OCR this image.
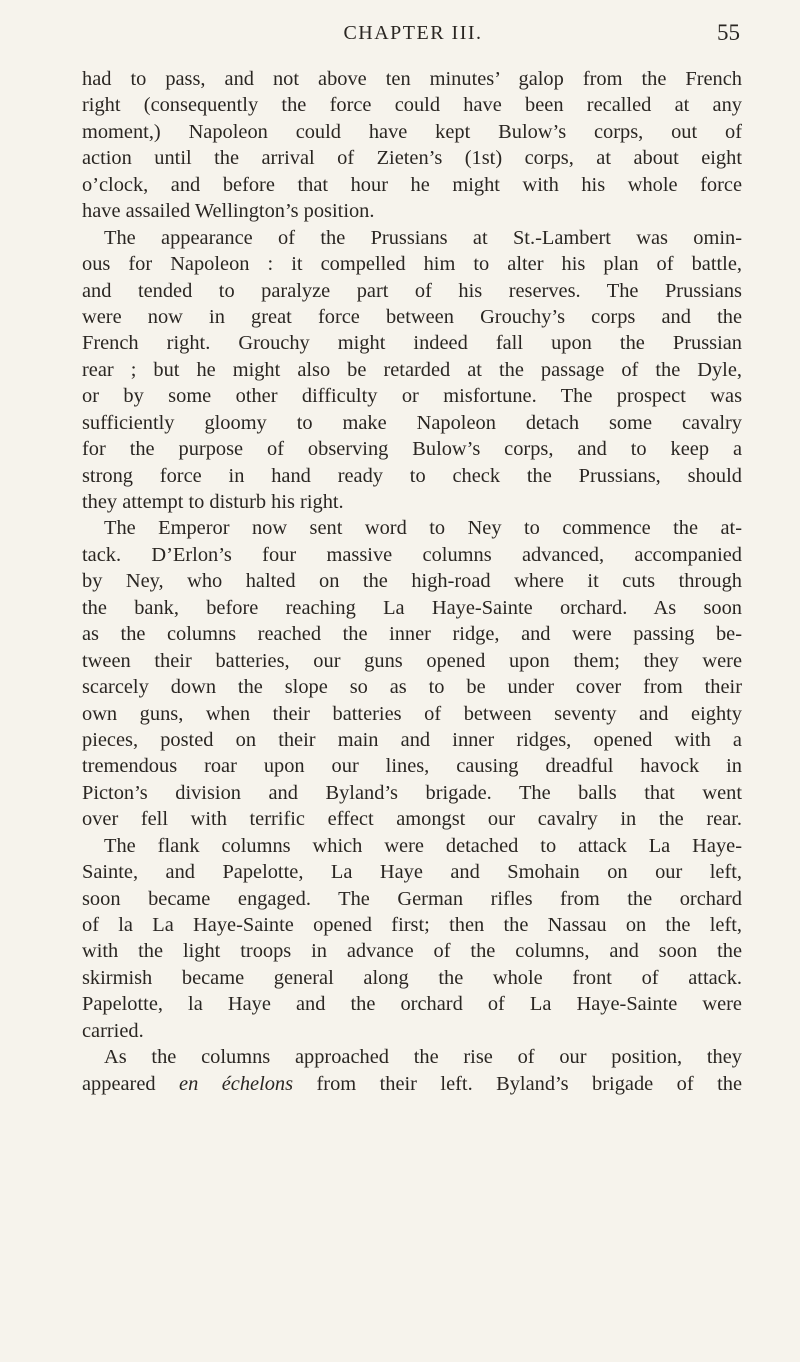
CHAPTER III.	55
had to pass, and not above ten minutes’ galop from the French
right (consequently the force could have been recalled at any
moment,) Napoleon could have kept Bulow’s corps, out of
action until the arrival of Zieten’s (1st) corps, at about eight
o’clock, and before that hour he might with his whole force
have assailed Wellington’s position.
The appearance of the Prussians at St.-Lambert was omin-
ous for Napoleon : it compelled him to alter his plan of battle,
and tended to paralyze part of his reserves. The Prussians
were now in great force between Grouchy’s corps and the
French right. Grouchy might indeed fall upon the Prussian
rear ; but he might also be retarded at the passage of the Dyle,
or by some other difficulty or misfortune. The prospect was
sufficiently gloomy to make Napoleon detach some cavalry
for the purpose of observing Bulow’s corps, and to keep a
strong force in hand ready to check the Prussians, should
they attempt to disturb his right.
The Emperor now sent word to Ney to commence the at-
tack. D’Erlon’s four massive columns advanced, accompanied
by Ney, who halted on the high-road where it cuts through
the bank, before reaching La Haye-Sainte orchard. As soon
as the columns reached the inner ridge, and were passing be-
tween their batteries, our guns opened upon them; they were
scarcely down the slope so as to be under cover from their
own guns, when their batteries of between seventy and eighty
pieces, posted on their main and inner ridges, opened with a
tremendous roar upon our lines, causing dreadful havock in
Picton’s division and Byland’s brigade. The balls that went
over fell with terrific effect amongst our cavalry in the rear.
The flank columns which were detached to attack La Haye-
Sainte, and Papelotte, La Haye and Smohain on our left,
soon became engaged. The German rifles from the orchard
of la La Haye-Sainte opened first; then the Nassau on the left,
with the light troops in advance of the columns, and soon the
skirmish became general along the whole front of attack.
Papelotte, la Haye and the orchard of La Haye-Sainte were
carried.
As the columns approached the rise of our position, they
appeared en échelons from their left. Byland’s brigade of the
